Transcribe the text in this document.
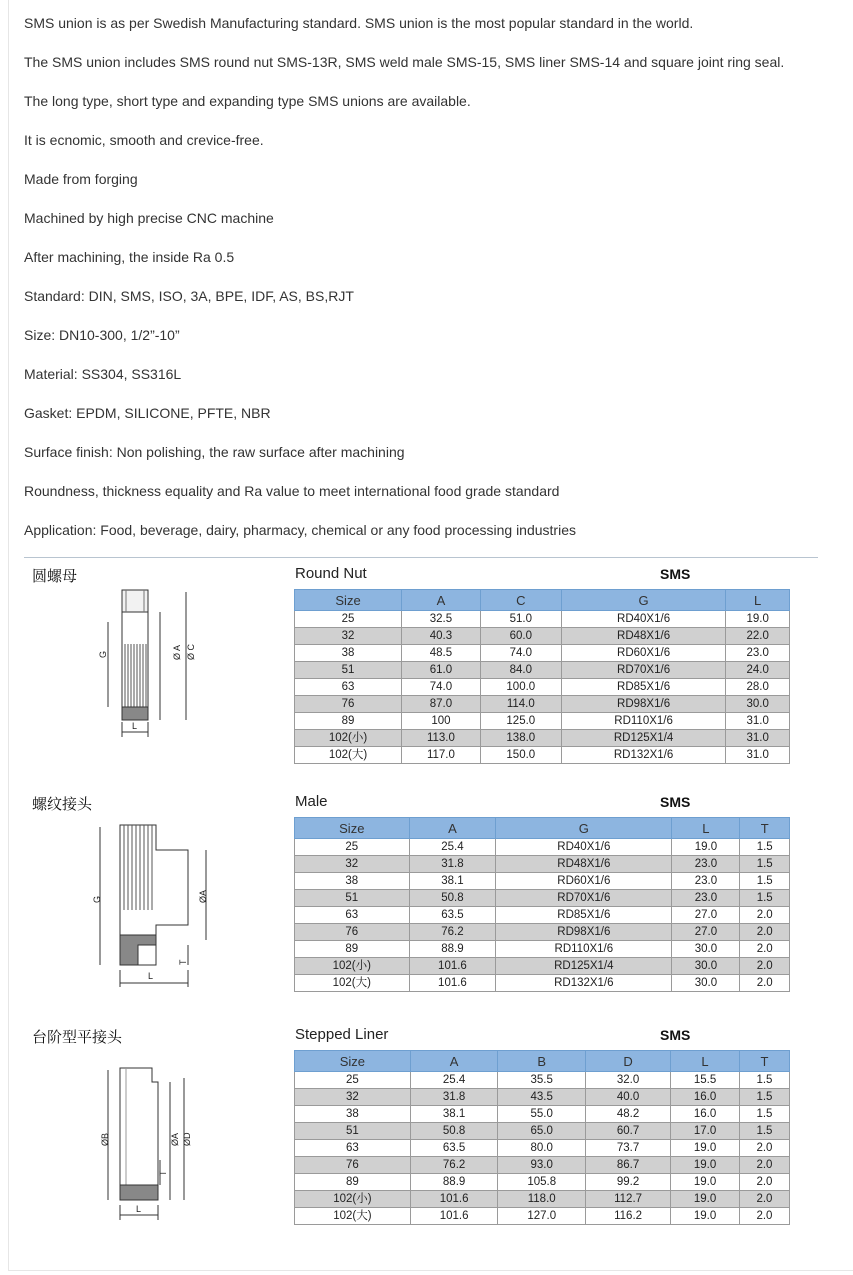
SMS union is as per Swedish Manufacturing standard. SMS union is the most popular standard in the world.
The SMS union includes SMS round nut SMS-13R, SMS weld male SMS-15, SMS liner SMS-14 and square joint ring seal.
The long type, short type and expanding type SMS unions are available.
It is ecnomic, smooth and crevice-free.
Made from forging
Machined by high precise CNC machine
After machining, the inside Ra 0.5
Standard: DIN, SMS, ISO, 3A, BPE, IDF, AS, BS,RJT
Size: DN10-300, 1/2”-10”
Material: SS304, SS316L
Gasket: EPDM, SILICONE, PFTE, NBR
Surface finish: Non polishing, the raw surface after machining
Roundness, thickness equality and Ra value to meet international food grade standard
Application: Food, beverage, dairy, pharmacy, chemical or any food processing industries
圆螺母	Round Nut	SMS
G	Ø A Ø C
L
Size	A	C	G	L
25	32.5	51.0	RD40X1/6	19.0
32	40.3	60.0	RD48X1/6	22.0
38	48.5	74.0	RD60X1/6	23.0
51	61.0	84.0	RD70X1/6	24.0
63	74.0	100.0	RD85X1/6	28.0
76	87.0	114.0	RD98X1/6	30.0
89	100	125.0	RD110X1/6	31.0
102(小)	113.0	138.0	RD125X1/4	31.0
102(大)	117.0	150.0	RD132X1/6	31.0
螺纹接头	Male	SMS
G	ØA
T
L
Size	A	G	L	T
25	25.4	RD40X1/6	19.0	1.5
32	31.8	RD48X1/6	23.0	1.5
38	38.1	RD60X1/6	23.0	1.5
51	50.8	RD70X1/6	23.0	1.5
63	63.5	RD85X1/6	27.0	2.0
76	76.2	RD98X1/6	27.0	2.0
89	88.9	RD110X1/6	30.0	2.0
102(小)	101.6	RD125X1/4	30.0	2.0
102(大)	101.6	RD132X1/6	30.0	2.0
台阶型平接头	Stepped Liner	SMS
ØB	ØA ØD
T
L
Size	A	B	D	L	T
25	25.4	35.5	32.0	15.5	1.5
32	31.8	43.5	40.0	16.0	1.5
38	38.1	55.0	48.2	16.0	1.5
51	50.8	65.0	60.7	17.0	1.5
63	63.5	80.0	73.7	19.0	2.0
76	76.2	93.0	86.7	19.0	2.0
89	88.9	105.8	99.2	19.0	2.0
102(小)	101.6	118.0	112.7	19.0	2.0
102(大)	101.6	127.0	116.2	19.0	2.0
